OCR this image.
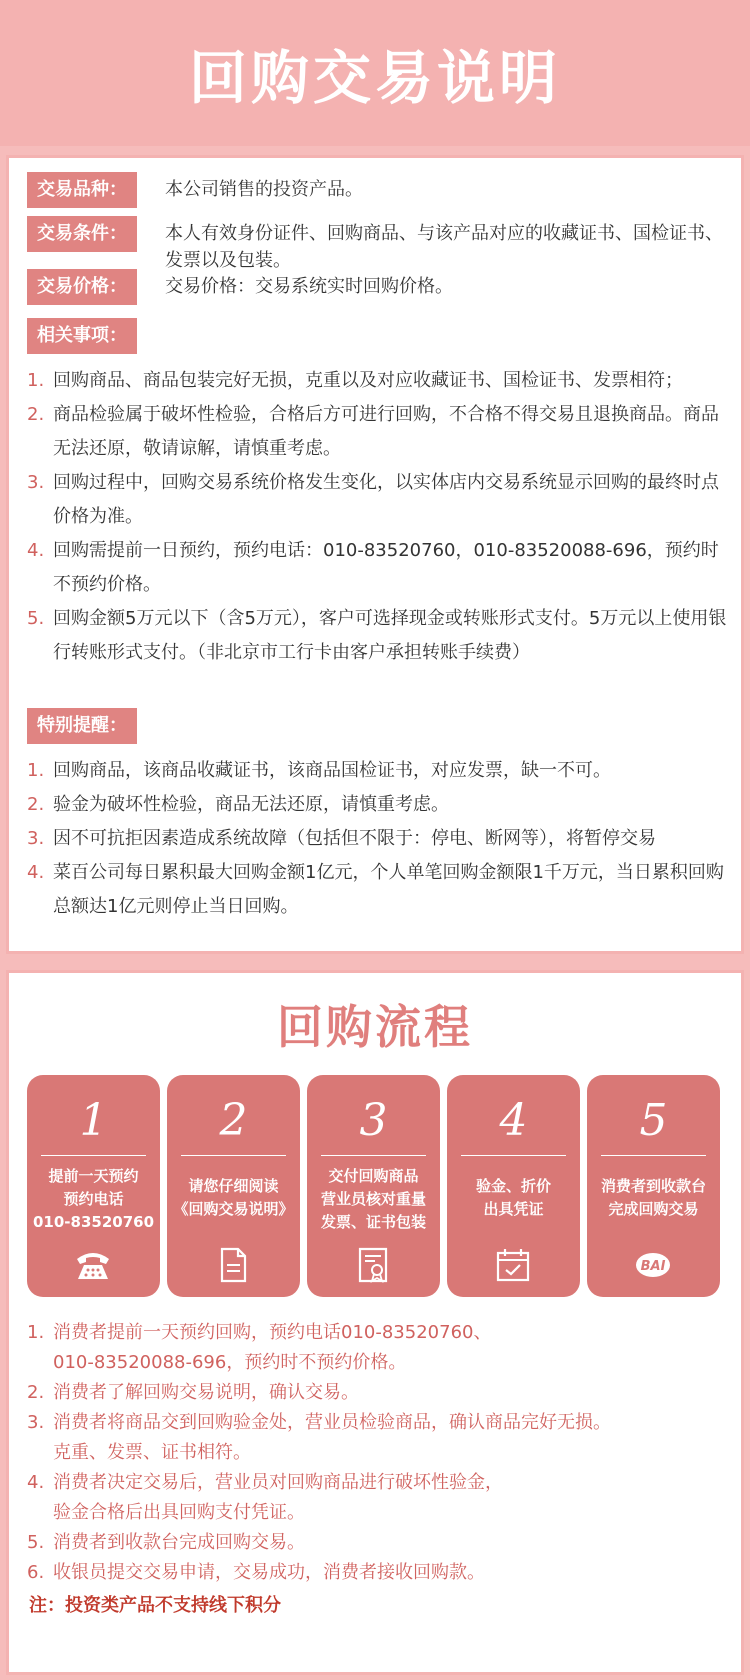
回购交易说明
交易品种：	本公司销售的投资产品。
交易条件：	本人有效身份证件、回购商品、与该产品对应的收藏证书、国检证书、发票以及包装。
交易价格：	交易价格：交易系统实时回购价格。
相关事项：
1. 回购商品、商品包装完好无损，克重以及对应收藏证书、国检证书、发票相符；
2. 商品检验属于破坏性检验，合格后方可进行回购，不合格不得交易且退换商品。商品无法还原，敬请谅解，请慎重考虑。
3. 回购过程中，回购交易系统价格发生变化，以实体店内交易系统显示回购的最终时点价格为准。
4. 回购需提前一日预约，预约电话：010-83520760，010-83520088-696，预约时不预约价格。
5. 回购金额5万元以下（含5万元），客户可选择现金或转账形式支付。5万元以上使用银行转账形式支付。（非北京市工行卡由客户承担转账手续费）
特别提醒：
1. 回购商品，该商品收藏证书，该商品国检证书，对应发票，缺一不可。
2. 验金为破坏性检验，商品无法还原，请慎重考虑。
3. 因不可抗拒因素造成系统故障（包括但不限于：停电、断网等），将暂停交易
4. 菜百公司每日累积最大回购金额1亿元，个人单笔回购金额限1千万元，当日累积回购总额达1亿元则停止当日回购。
回购流程
1
提前一天预约
预约电话
010-83520760
2
请您仔细阅读
《回购交易说明》
3
交付回购商品
营业员核对重量
发票、证书包装
4
验金、折价
出具凭证
5
消费者到收款台
完成回购交易
BAI
1. 消费者提前一天预约回购，预约电话010-83520760、
010-83520088-696，预约时不预约价格。
2. 消费者了解回购交易说明，确认交易。
3. 消费者将商品交到回购验金处，营业员检验商品，确认商品完好无损。
克重、发票、证书相符。
4. 消费者决定交易后，营业员对回购商品进行破坏性验金，
验金合格后出具回购支付凭证。
5. 消费者到收款台完成回购交易。
6. 收银员提交交易申请，交易成功，消费者接收回购款。
注：投资类产品不支持线下积分
